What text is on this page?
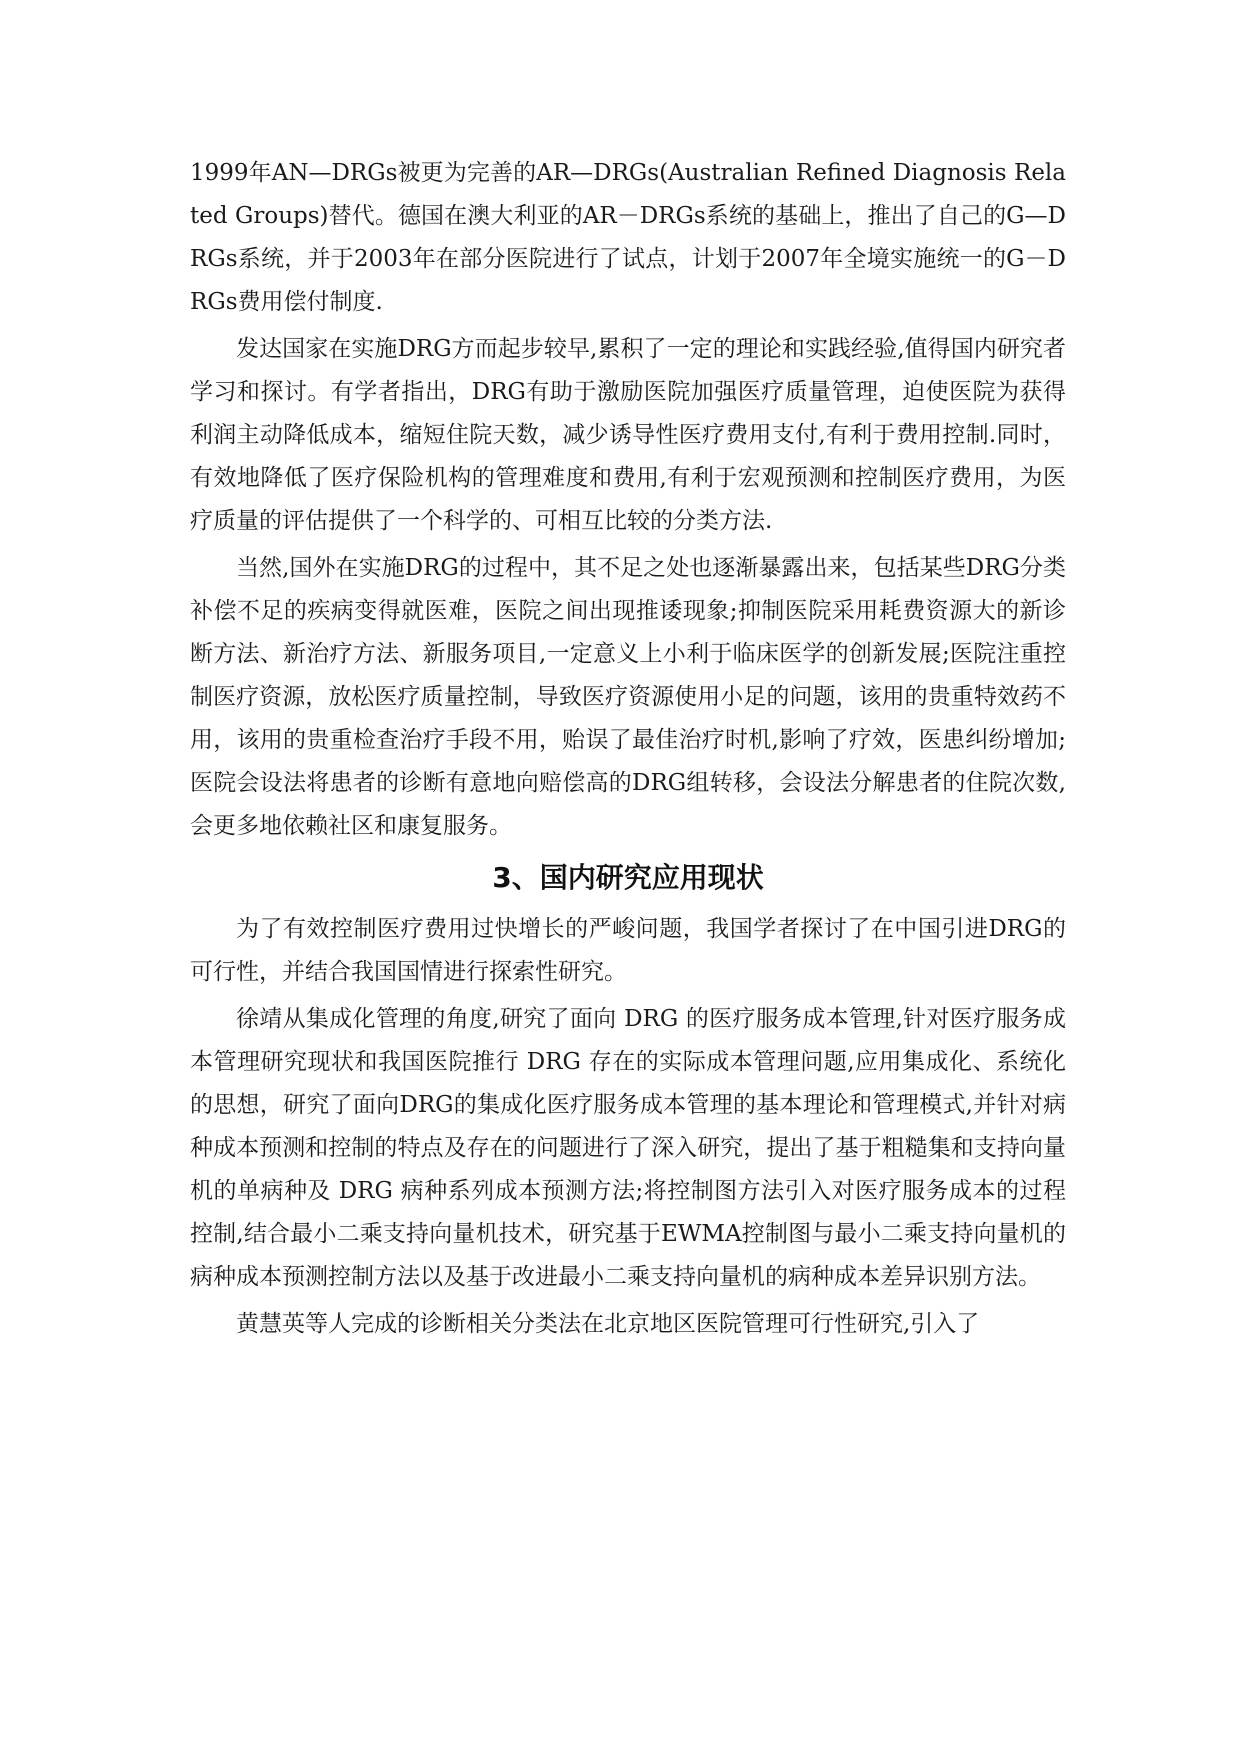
1999年AN—DRGs被更为完善的AR—DRGs(Australian Refined Diagnosis Related Groups)替代。德国在澳大利亚的AR－DRGs系统的基础上，推出了自己的G—DRGs系统，并于2003年在部分医院进行了试点，计划于2007年全境实施统一的G－DRGs费用偿付制度.

发达国家在实施DRG方而起步较早,累积了一定的理论和实践经验,值得国内研究者学习和探讨。有学者指出，DRG有助于激励医院加强医疗质量管理，迫使医院为获得利润主动降低成本，缩短住院天数，减少诱导性医疗费用支付,有利于费用控制.同时，有效地降低了医疗保险机构的管理难度和费用,有利于宏观预测和控制医疗费用，为医疗质量的评估提供了一个科学的、可相互比较的分类方法.

当然,国外在实施DRG的过程中，其不足之处也逐渐暴露出来，包括某些DRG分类补偿不足的疾病变得就医难，医院之间出现推诿现象;抑制医院采用耗费资源大的新诊断方法、新治疗方法、新服务项目,一定意义上小利于临床医学的创新发展;医院注重控制医疗资源，放松医疗质量控制，导致医疗资源使用小足的问题，该用的贵重特效药不用，该用的贵重检查治疗手段不用，贻误了最佳治疗时机,影响了疗效，医患纠纷增加;医院会设法将患者的诊断有意地向赔偿高的DRG组转移，会设法分解患者的住院次数,会更多地依赖社区和康复服务。

3、国内研究应用现状

为了有效控制医疗费用过快增长的严峻问题，我国学者探讨了在中国引进DRG的可行性，并结合我国国情进行探索性研究。

徐靖从集成化管理的角度,研究了面向 DRG 的医疗服务成本管理,针对医疗服务成本管理研究现状和我国医院推行 DRG 存在的实际成本管理问题,应用集成化、系统化的思想，研究了面向DRG的集成化医疗服务成本管理的基本理论和管理模式,并针对病种成本预测和控制的特点及存在的问题进行了深入研究，提出了基于粗糙集和支持向量机的单病种及 DRG 病种系列成本预测方法;将控制图方法引入对医疗服务成本的过程控制,结合最小二乘支持向量机技术，研究基于EWMA控制图与最小二乘支持向量机的病种成本预测控制方法以及基于改进最小二乘支持向量机的病种成本差异识别方法。

黄慧英等人完成的诊断相关分类法在北京地区医院管理可行性研究,引入了
